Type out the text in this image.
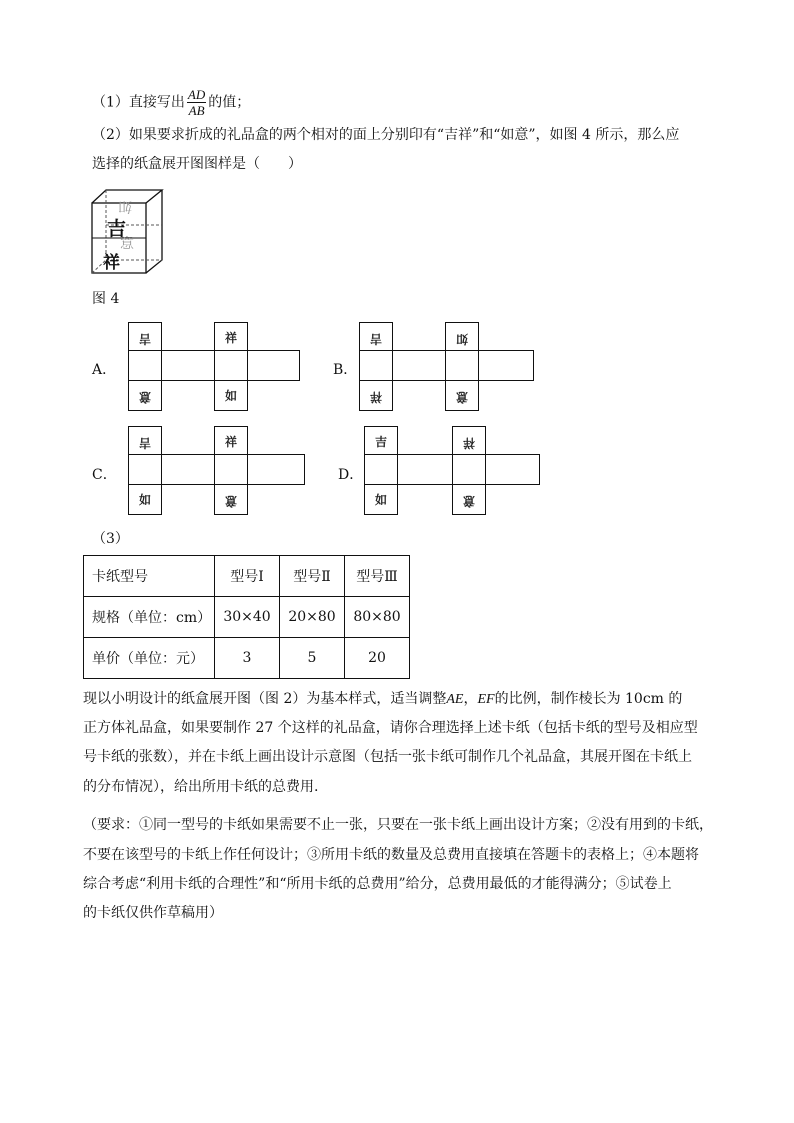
（1）直接写出 $\frac{AD}{AB}$ 的值；
（2）如果要求折成的礼品盒的两个相对的面上分别印有“吉祥”和“如意”，如图 4 所示，那么应
选择的纸盒展开图图样是（　　）
如
意
吉
祥
图 4
A．
吉	祥
意	如
B．
吉	如
祥	意
C．
吉	祥
如	意
D．
吉	祥
如	意
（3）
卡纸型号	型号Ⅰ	型号Ⅱ	型号Ⅲ
规格（单位：cm）	30×40	20×80	80×80
单价（单位：元）	3	5	20
现以小明设计的纸盒展开图（图 2）为基本样式，适当调整AE，EF的比例，制作棱长为 10cm 的
正方体礼品盒，如果要制作 27 个这样的礼品盒，请你合理选择上述卡纸（包括卡纸的型号及相应型
号卡纸的张数），并在卡纸上画出设计示意图（包括一张卡纸可制作几个礼品盒，其展开图在卡纸上
的分布情况），给出所用卡纸的总费用.
（要求：①同一型号的卡纸如果需要不止一张，只要在一张卡纸上画出设计方案；②没有用到的卡纸，
不要在该型号的卡纸上作任何设计；③所用卡纸的数量及总费用直接填在答题卡的表格上；④本题将
综合考虑“利用卡纸的合理性”和“所用卡纸的总费用”给分，总费用最低的才能得满分；⑤试卷上
的卡纸仅供作草稿用）
